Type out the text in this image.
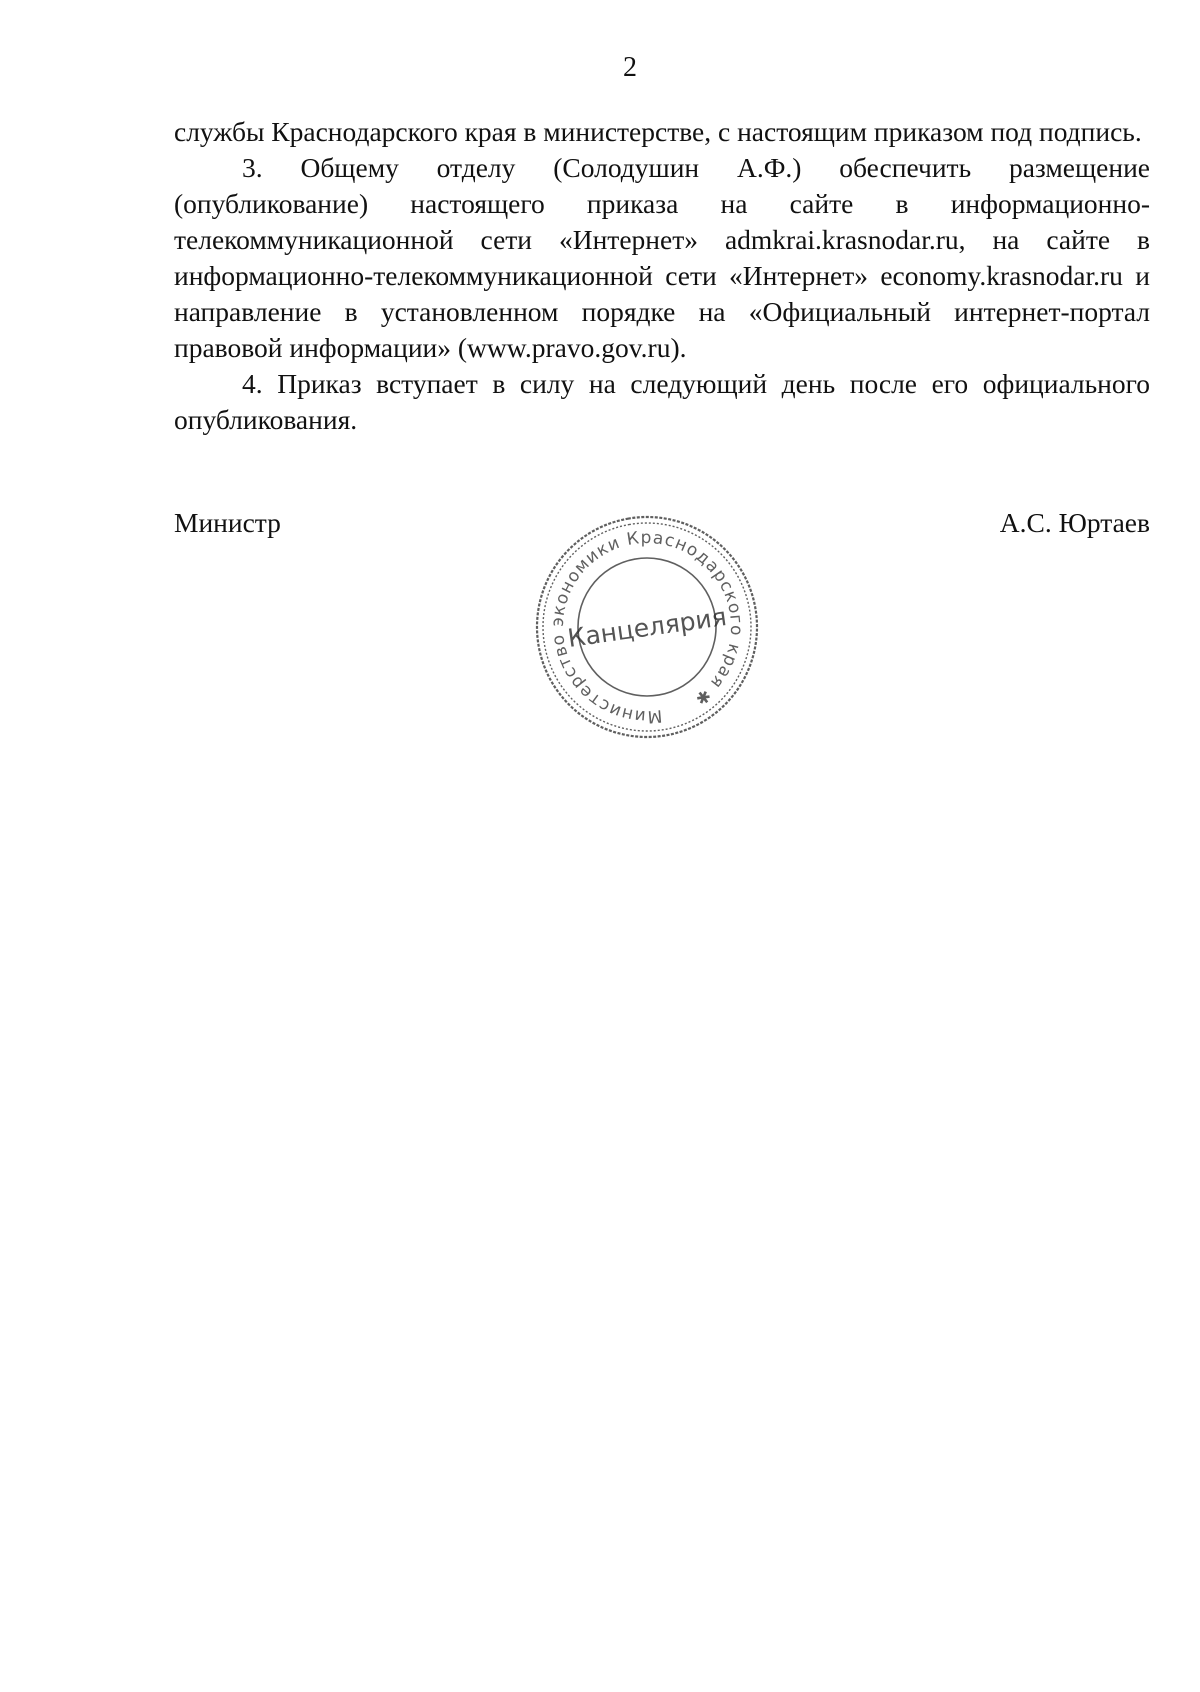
2

службы Краснодарского края в министерстве, с настоящим приказом под подпись.

3. Общему отделу (Солодушин А.Ф.) обеспечить размещение (опубликование) настоящего приказа на сайте в информационно-телекоммуникационной сети «Интернет» admkrai.krasnodar.ru, на сайте в информационно-телекоммуникационной сети «Интернет» economy.krasnodar.ru и направление в установленном порядке на «Официальный интернет-портал правовой информации» (www.pravo.gov.ru).

4. Приказ вступает в силу на следующий день после его официального опубликования.

Министр	А.С. Юртаев
Министерство экономики Краснодарского края ✱
Канцелярия
